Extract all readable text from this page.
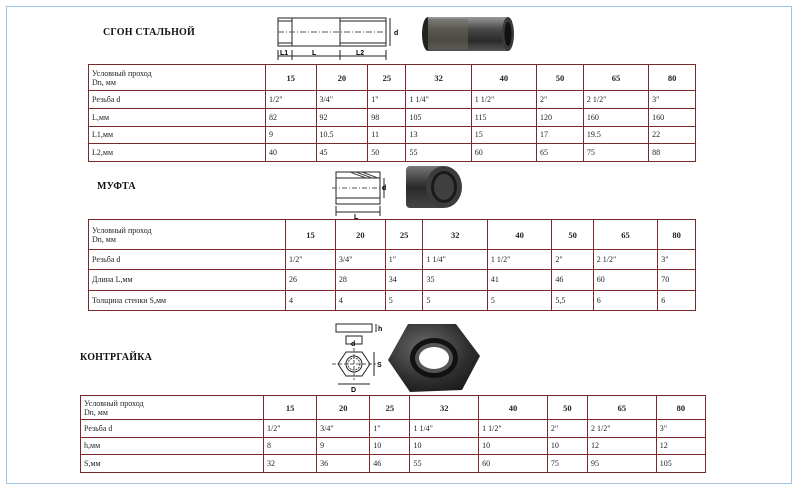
СГОН СТАЛЬНОЙ
L1	L	L2
d
Условный проход
Dn, мм	15	20	25	32	40	50	65	80
Резьба d	1/2"	3/4"	1"	1 1/4"	1 1/2"	2"	2 1/2"	3"
L,мм	82	92	98	105	115	120	160	160
L1,мм	9	10.5	11	13	15	17	19.5	22
L2,мм	40	45	50	55	60	65	75	88
МУФТА
L
d
Условный проход
Dn, мм	15	20	25	32	40	50	65	80
Резьба d	1/2"	3/4"	1"	1 1/4"	1 1/2"	2"	2 1/2"	3"
Длина L,мм	26	28	34	35	41	46	60	70
Толщина стенки S,мм	4	4	5	5	5	5,5	6	6
КОНТРГАЙКА
h
d
S
D
Условный проход
Dn, мм	15	20	25	32	40	50	65	80
Резьба d	1/2"	3/4"	1"	1 1/4"	1 1/2"	2"	2 1/2"	3"
h,мм	8	9	10	10	10	10	12	12
S,мм	32	36	46	55	60	75	95	105
